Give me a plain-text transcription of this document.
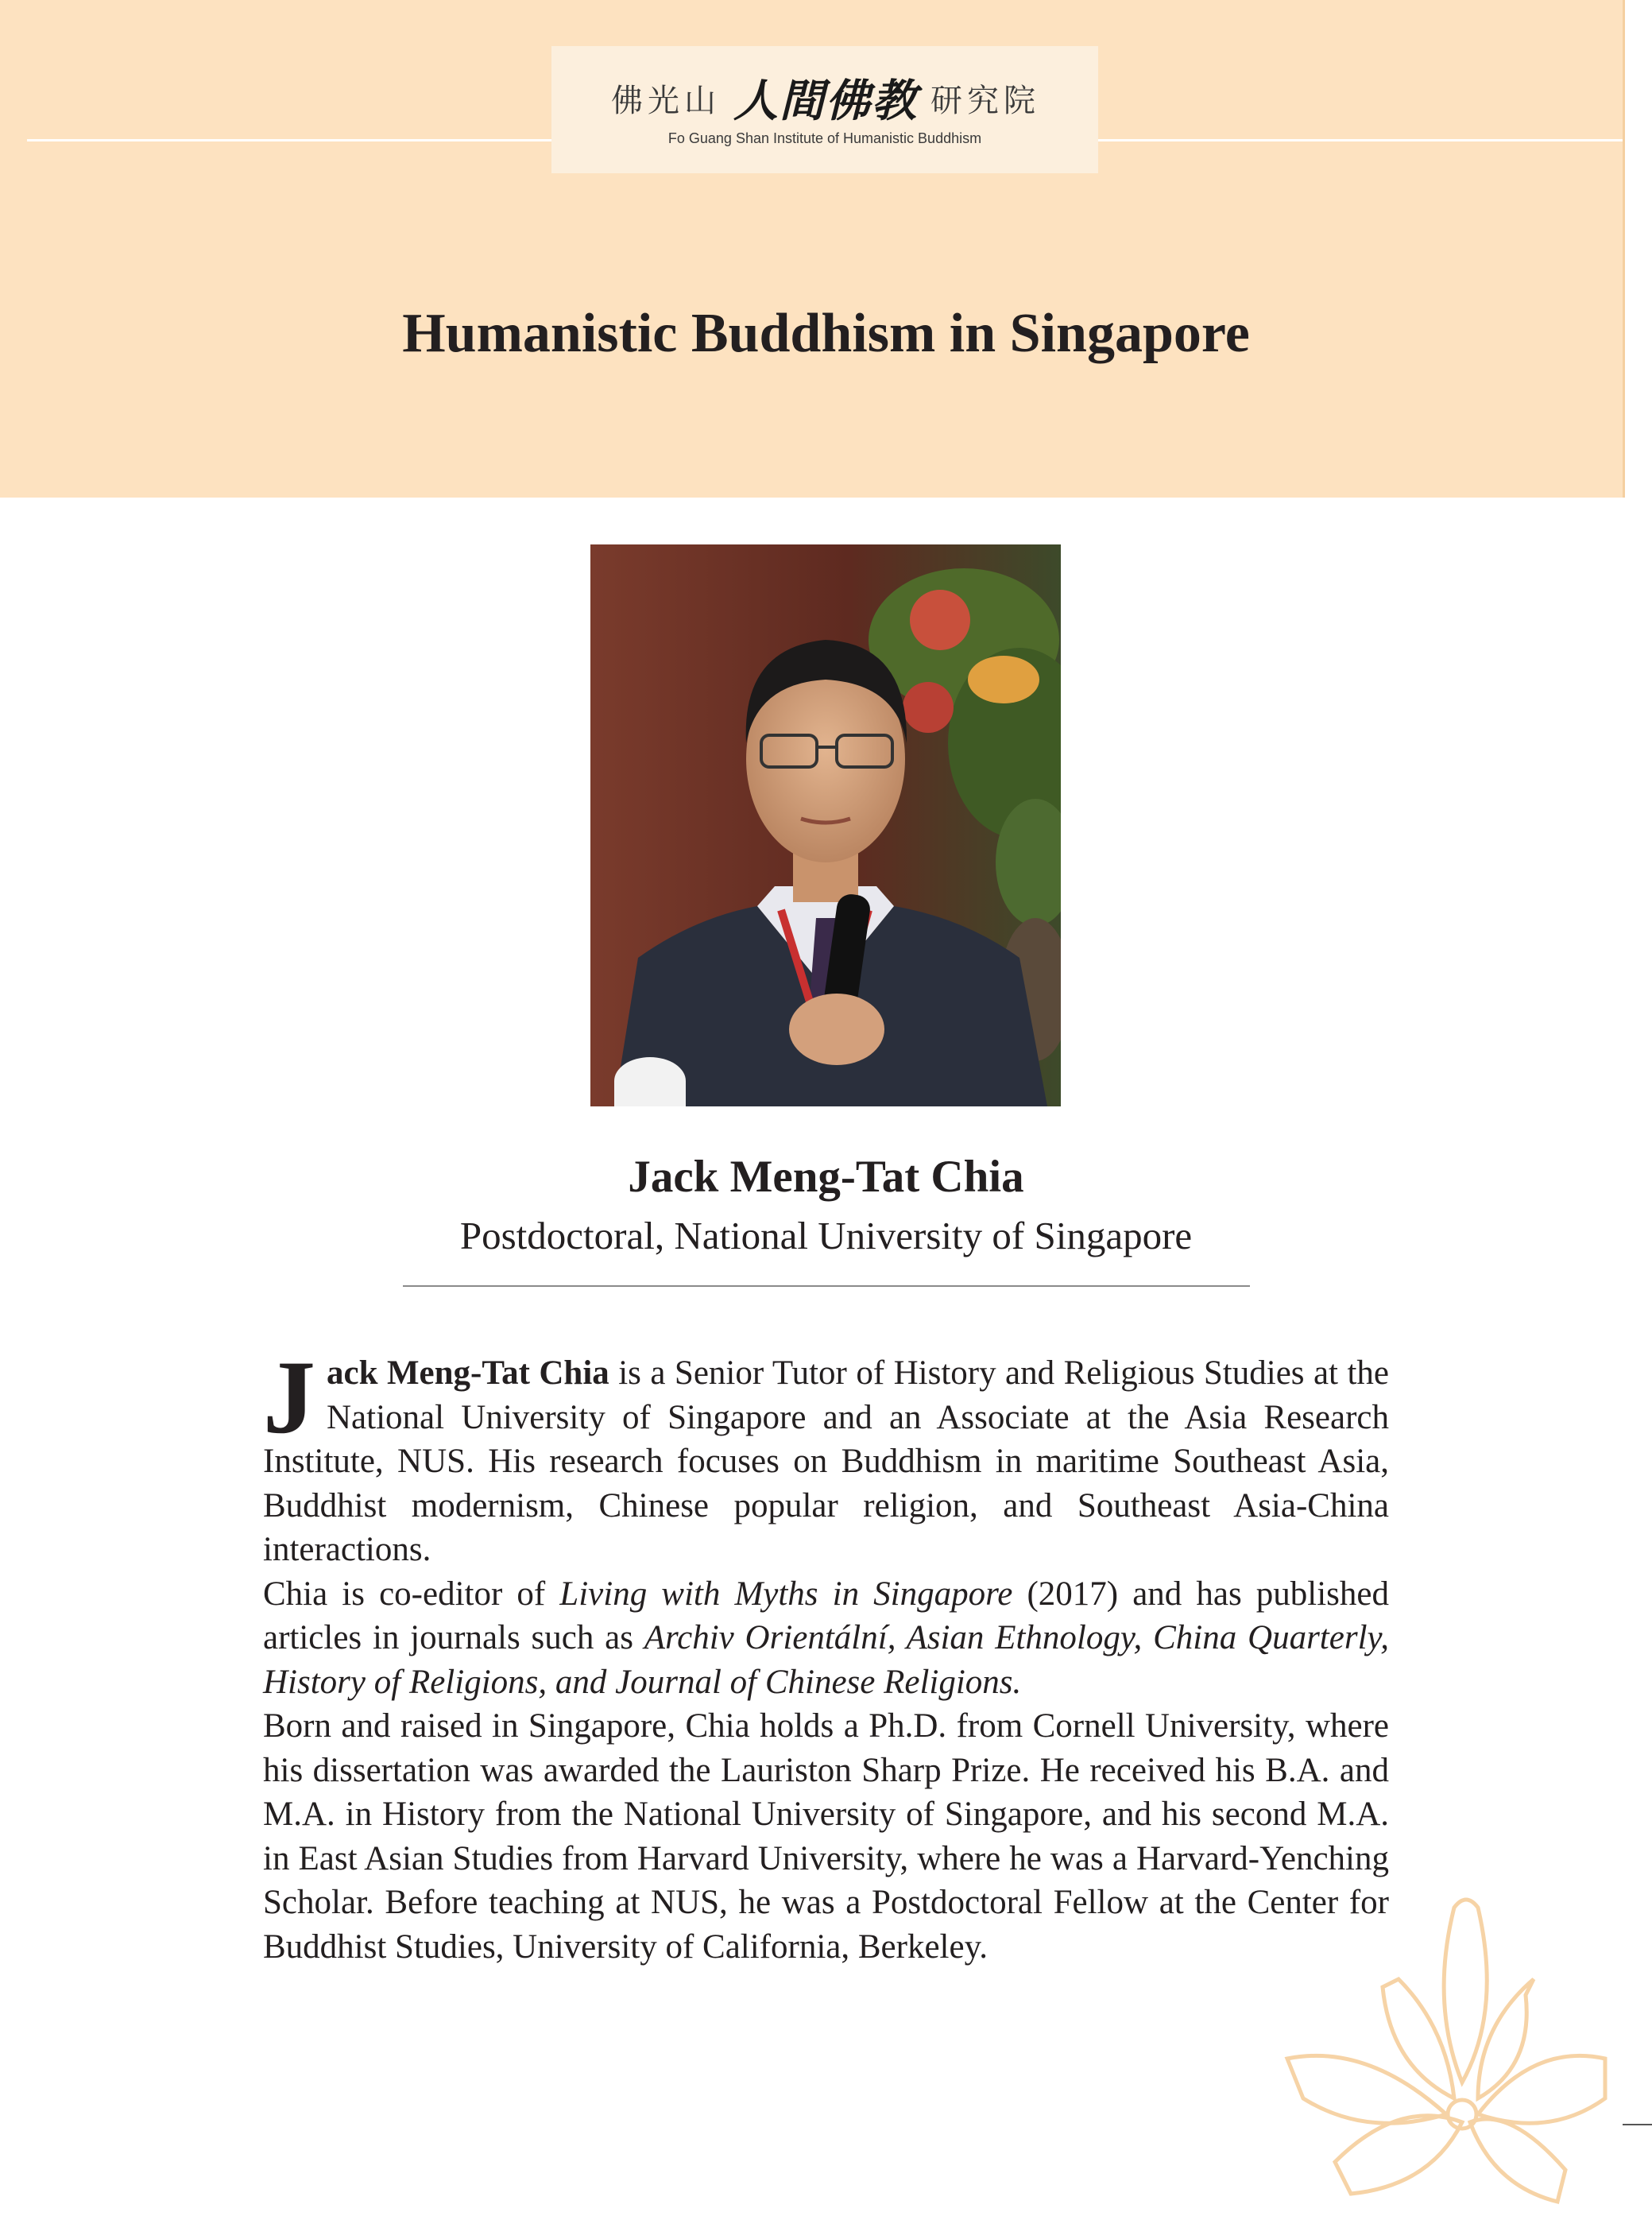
佛光山 人間佛教 研究院
Fo Guang Shan Institute of Humanistic Buddhism
Humanistic Buddhism in Singapore
Jack Meng-Tat Chia
Postdoctoral, National University of Singapore

Jack Meng-Tat Chia is a Senior Tutor of History and Religious Studies at the National University of Singapore and an Associate at the Asia Research Institute, NUS. His research focuses on Buddhism in maritime Southeast Asia, Buddhist modernism, Chinese popular religion, and Southeast Asia-China interactions.

Chia is co-editor of Living with Myths in Singapore (2017) and has published articles in journals such as Archiv Orientální, Asian Ethnology, China Quarterly, History of Religions, and Journal of Chinese Religions.

Born and raised in Singapore, Chia holds a Ph.D. from Cornell University, where his dissertation was awarded the Lauriston Sharp Prize. He received his B.A. and M.A. in History from the National University of Singapore, and his second M.A. in East Asian Studies from Harvard University, where he was a Harvard-Yenching Scholar. Before teaching at NUS, he was a Postdoctoral Fellow at the Center for Buddhist Studies, University of California, Berkeley.
